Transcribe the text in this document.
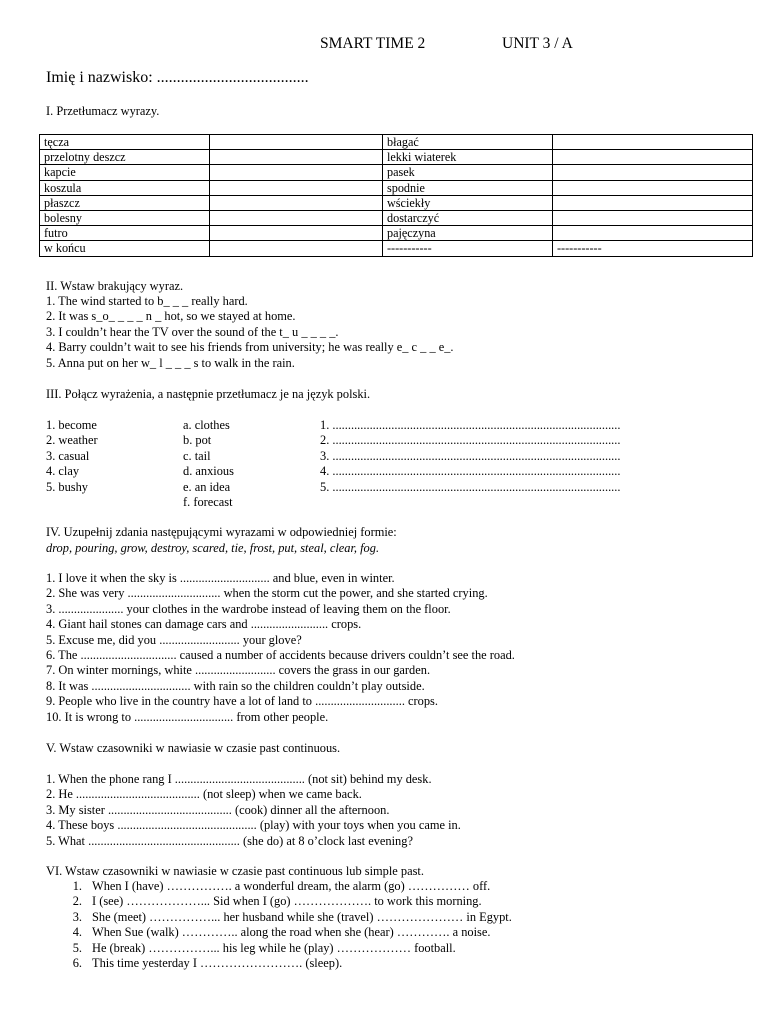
SMART TIME 2	UNIT 3 / A
Imię i nazwisko: ......................................
I. Przetłumacz wyrazy.
tęcza		błagać	
przelotny deszcz		lekki wiaterek	
kapcie		pasek	
koszula		spodnie	
płaszcz		wściekły	
bolesny		dostarczyć	
futro		pajęczyna	
w końcu		-----------	-----------
II. Wstaw brakujący wyraz.
1. The wind started to b_ _ _ really hard.
2. It was s_o_ _ _ _ n _ hot, so we stayed at home.
3. I couldn’t hear the TV over the sound of the t_ u _ _ _ _.
4. Barry couldn’t wait to see his friends from university; he was really e_ c _ _ e_.
5. Anna put on her w_ l _ _ _ s to walk in the rain.
III. Połącz wyrażenia, a następnie przetłumacz je na język polski.
1. become
2. weather
3. casual
4. clay
5. bushy
a. clothes
b. pot
c. tail
d. anxious
e. an idea
f. forecast
1. .............................................................................................
2. .............................................................................................
3. .............................................................................................
4. .............................................................................................
5. .............................................................................................
IV. Uzupełnij zdania następującymi wyrazami w odpowiedniej formie:
drop, pouring, grow, destroy, scared, tie, frost, put, steal, clear, fog.
1. I love it when the sky is ............................. and blue, even in winter.
2. She was very .............................. when the storm cut the power, and she started crying.
3. ..................... your clothes in the wardrobe instead of leaving them on the floor.
4. Giant hail stones can damage cars and ......................... crops.
5. Excuse me, did you .......................... your glove?
6. The ............................... caused a number of accidents because drivers couldn’t see the road.
7. On winter mornings, white .......................... covers the grass in our garden.
8. It was ................................ with rain so the children couldn’t play outside.
9. People who live in the country have a lot of land to ............................. crops.
10. It is wrong to ................................ from other people.
V. Wstaw czasowniki w nawiasie w czasie past continuous.
1. When the phone rang I .......................................... (not sit) behind my desk.
2. He ........................................ (not sleep) when we came back.
3. My sister ........................................ (cook) dinner all the afternoon.
4. These boys ............................................. (play) with your toys when you came in.
5. What ................................................. (she do) at 8 o’clock last evening?
VI. Wstaw czasowniki w nawiasie w czasie past continuous lub simple past.
1. When I (have) ……………. a wonderful dream, the alarm (go) …………… off.
2. I (see) ………………... Sid when I (go) ………………. to work this morning.
3. She (meet) ……………... her husband while she (travel) ………………… in Egypt.
4. When Sue (walk) ………….. along the road when she (hear) …………. a noise.
5. He (break) ……………... his leg while he (play) ……………… football.
6. This time yesterday I ……………………. (sleep).
